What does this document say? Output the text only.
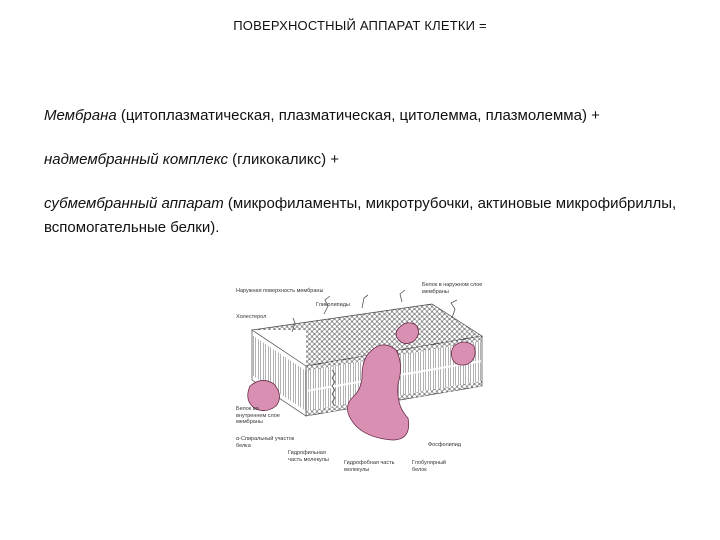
ПОВЕРХНОСТНЫЙ АППАРАТ КЛЕТКИ =
Мембрана (цитоплазматическая, плазматическая, цитолемма, плазмолемма) +
надмембранный комплекс (гликокаликс) +
субмембранный аппарат (микрофиламенты, микротрубочки, актиновые микрофибриллы, вспомогательные белки).
Наружная поверхность мембраны
Гликолипиды
Холестерол
Белок в наружном слое мембраны
Белок во внутреннем слое мембраны
α-Спиральный участок белка
Гидрофильная часть молекулы
Гидрофобная часть молекулы
Фосфолипид
Глобулярный белок
